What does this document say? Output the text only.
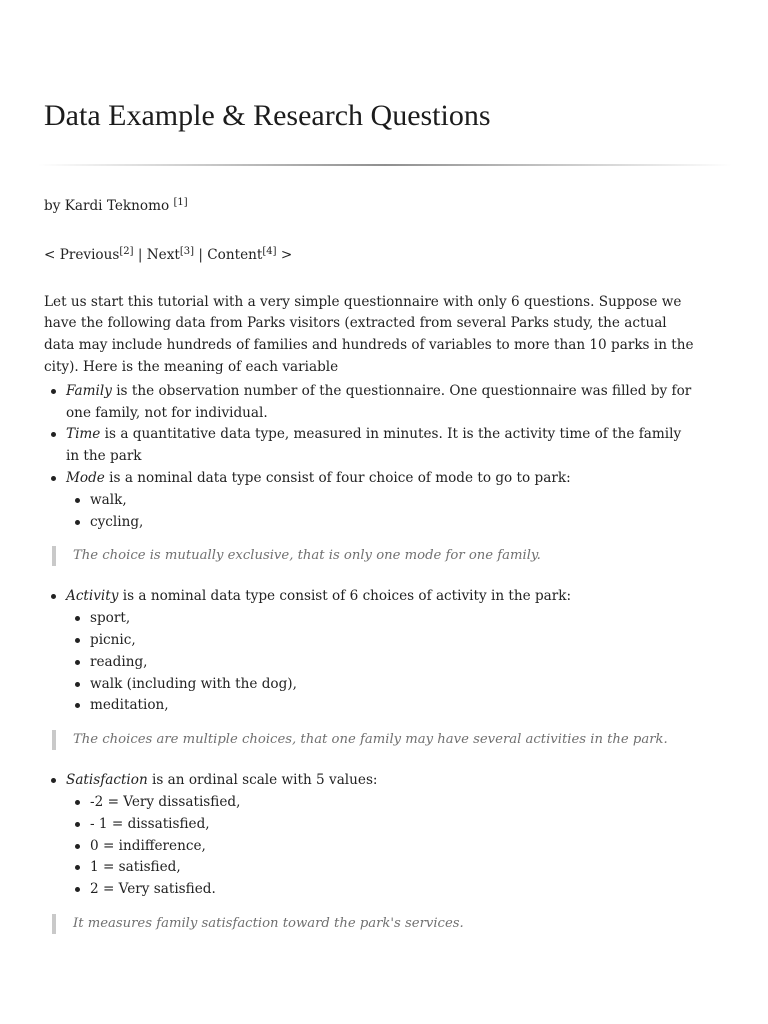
Data Example & Research Questions

by Kardi Teknomo [1]

< Previous[2] | Next[3] | Content[4] >

Let us start this tutorial with a very simple questionnaire with only 6 questions. Suppose we have the following data from Parks visitors (extracted from several Parks study, the actual data may include hundreds of families and hundreds of variables to more than 10 parks in the city). Here is the meaning of each variable

Family is the observation number of the questionnaire. One questionnaire was filled by for one family, not for individual.
Time is a quantitative data type, measured in minutes. It is the activity time of the family in the park
Mode is a nominal data type consist of four choice of mode to go to park:
walk,
cycling,
The choice is mutually exclusive, that is only one mode for one family.
Activity is a nominal data type consist of 6 choices of activity in the park:
sport,
picnic,
reading,
walk (including with the dog),
meditation,
The choices are multiple choices, that one family may have several activities in the park.
Satisfaction is an ordinal scale with 5 values:
-2 = Very dissatisfied,
- 1 = dissatisfied,
0 = indifference,
1 = satisfied,
2 = Very satisfied.
It measures family satisfaction toward the park's services.
